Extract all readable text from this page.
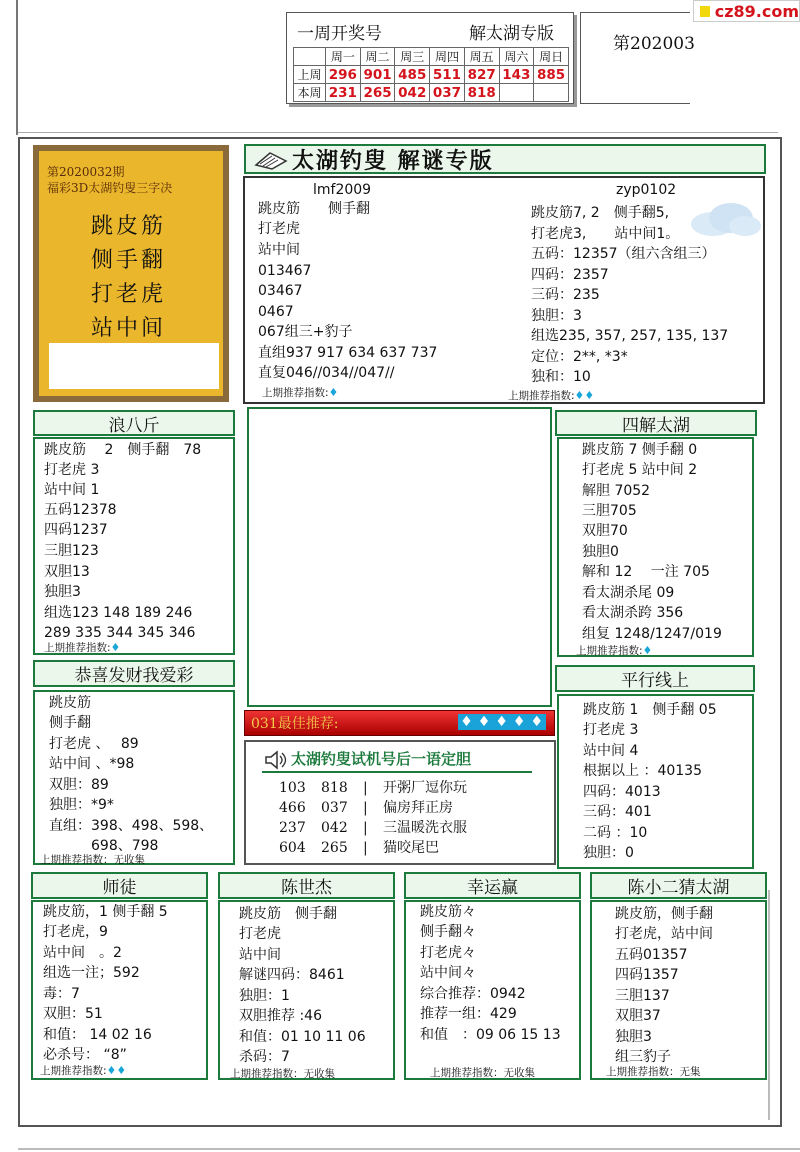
一周开奖号	解太湖专版
	周一	周二	周三	周四	周五	周六	周日
上周	296	901	485	511	827	143	885
本周	231	265	042	037	818		
第202003
cz89.com
第2020032期
福彩3D太湖钓叟三字决
跳皮筋
侧手翻
打老虎
站中间
太湖钓叟 解谜专版
lmf2009	zyp0102
跳皮筋　　侧手翻
打老虎
站中间
013467
03467
0467
067组三+豹子
直组937 917 634 637 737
直复046//034//047//
跳皮筋7, 2　侧手翻5,
打老虎3,　　站中间1。
五码：12357（组六含组三）
四码：2357
三码：235
独胆：3
组选235, 357, 257, 135, 137
定位：2**, *3*
独和：10
上期推荐指数:♦	上期推荐指数:♦♦
浪八斤
跳皮筋　 2　侧手翻　78
打老虎 3
站中间 1
五码12378
四码1237
三胆123
双胆13
独胆3
组选123 148 189 246
289 335 344 345 346
上期推荐指数:♦
四解太湖
跳皮筋 7 侧手翻 0
打老虎 5 站中间 2
解胆 7052
三胆705
双胆70
独胆0
解和 12　 一注 705
看太湖杀尾 09
看太湖杀跨 356
组复 1248/1247/019
上期推荐指数:♦
恭喜发财我爱彩
跳皮筋
侧手翻
打老虎 、　 89
站中间 、*98
双胆：89
独胆：*9*
直组：398、498、598、
　　　698、798
上期推荐指数：无收集
031最佳推荐:	♦ ♦ ♦ ♦ ♦
太湖钓叟试机号后一语定胆
103 818 | 开粥厂逗你玩
466 037 | 偏房拜正房
237 042 | 三温暖洗衣服
604 265 | 猫咬尾巴
平行线上
跳皮筋 1　侧手翻 05
打老虎 3
站中间 4
根据以上 ：40135
四码：4013
三码：401
二码 ：10
独胆：0
师徒
跳皮筋，1 侧手翻 5
打老虎，9
站中间　。2
组选一注；592
毒：7
双胆：51
和值： 14 02 16
必杀号： “8”
上期推荐指数:♦♦
陈世杰
跳皮筋　侧手翻
打老虎
站中间
解谜四码：8461
独胆：1
双胆推荐 :46
和值：01 10 11 06
杀码：7
上期推荐指数：无收集
幸运赢
跳皮筋々
侧手翻々
打老虎々
站中间々
综合推荐：0942
推荐一组：429
和值　：09 06 15 13
上期推荐指数：无收集
陈小二猜太湖
跳皮筋，侧手翻
打老虎，站中间
五码01357
四码1357
三胆137
双胆37
独胆3
组三豹子
上期推荐指数：无集
